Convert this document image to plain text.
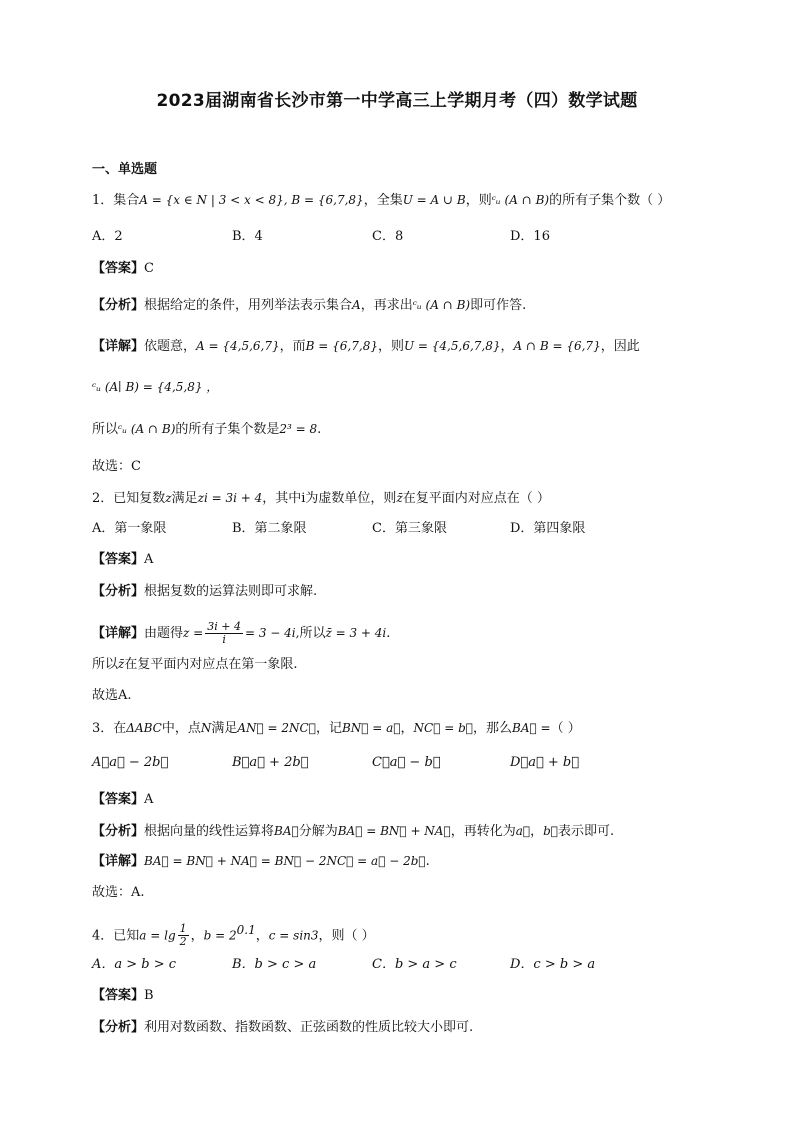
2023届湖南省长沙市第一中学高三上学期月考（四）数学试题
一、单选题
1．集合A = {x ∈ N | 3 < x < 8}, B = {6,7,8}，全集U = A ∪ B，则ᶜᵤ (A ∩ B)的所有子集个数（ ）
A．2	B．4	C．8	D．16
【答案】C
【分析】根据给定的条件，用列举法表示集合A，再求出ᶜᵤ (A ∩ B)即可作答.
【详解】依题意，A = {4,5,6,7}，而B = {6,7,8}，则U = {4,5,6,7,8}，A ∩ B = {6,7}，因此
ᶜᵤ (A∣ B) = {4,5,8} ，
所以ᶜᵤ (A ∩ B)的所有子集个数是2³ = 8.
故选：C
2．已知复数z满足zi = 3i + 4，其中i为虚数单位，则z̄在复平面内对应点在（ ）
A．第一象限	B．第二象限	C．第三象限	D．第四象限
【答案】A
【分析】根据复数的运算法则即可求解.
【详解】由题得$z = \frac{3i + 4}{i} = 3 - 4i$,所以z̄ = 3 + 4i.
所以z̄在复平面内对应点在第一象限.
故选A.
3．在ΔABC中，点N满足AN⃗ = 2NC⃗，记BN⃗ = a⃗，NC⃗ = b⃗，那么BA⃗ =（ ）
A．a⃗ − 2b⃗	B．a⃗ + 2b⃗	C．a⃗ − b⃗	D．a⃗ + b⃗
【答案】A
【分析】根据向量的线性运算将BA⃗分解为BA⃗ = BN⃗ + NA⃗，再转化为a⃗，b⃗表示即可.
【详解】BA⃗ = BN⃗ + NA⃗ = BN⃗ − 2NC⃗ = a⃗ − 2b⃗.
故选：A.
4．已知$a = \lg \frac{1}{2}$ ，$b = 2^{0.1}$，c = sin3，则（ ）
A．a > b > c	B．b > c > a	C．b > a > c	D．c > b > a
【答案】B
【分析】利用对数函数、指数函数、正弦函数的性质比较大小即可.
